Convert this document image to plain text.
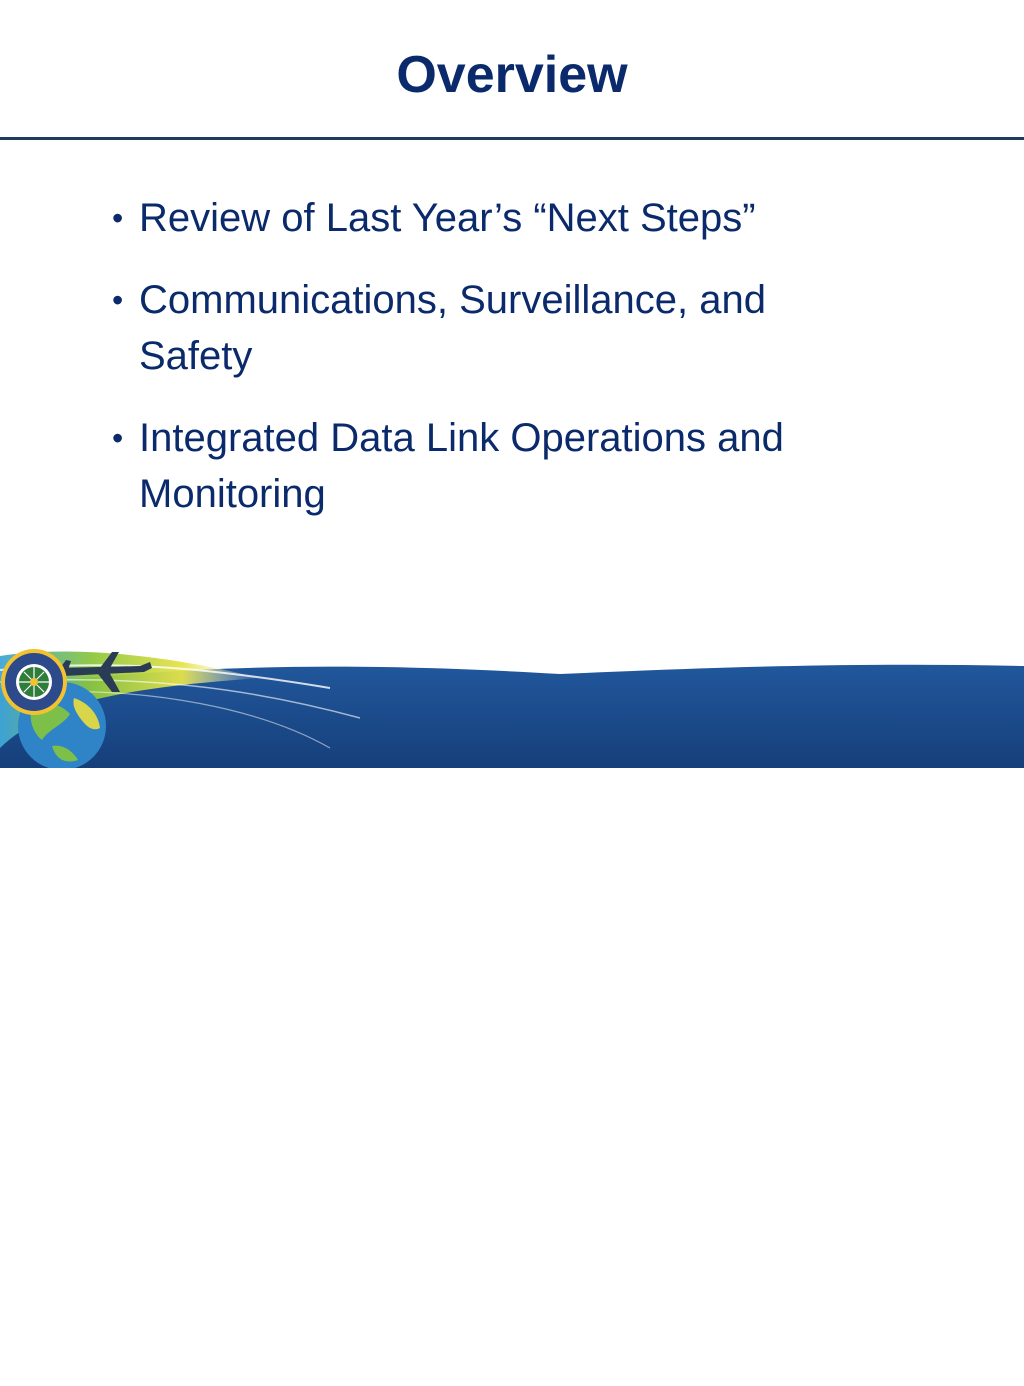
Overview
• Review of Last Year’s “Next Steps”
• Communications, Surveillance, and
Safety
• Integrated Data Link Operations and
Monitoring
FAA
Air Traffic Organization
